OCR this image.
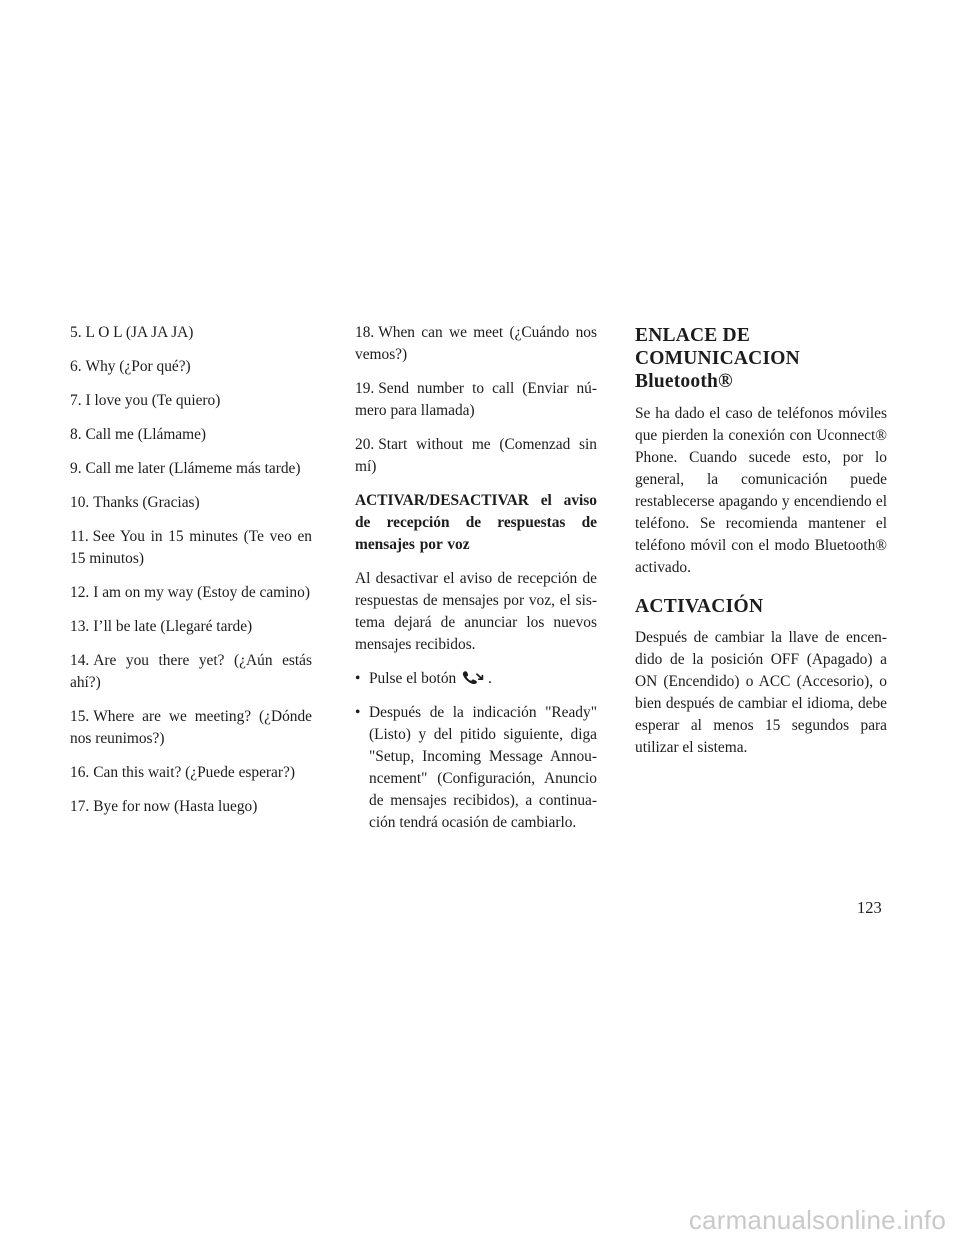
5. L O L (JA JA JA)

6. Why (¿Por qué?)

7. I love you (Te quiero)

8. Call me (Llámame)

9. Call me later (Llámeme más tarde)

10. Thanks (Gracias)

11. See You in 15 minutes (Te veo en 15 minutos)

12. I am on my way (Estoy de camino)

13. I’ll be late (Llegaré tarde)

14. Are you there yet? (¿Aún estás ahí?)

15. Where are we meeting? (¿Dónde nos reunimos?)

16. Can this wait? (¿Puede esperar?)

17. Bye for now (Hasta luego)

18. When can we meet (¿Cuándo nos vemos?)

19. Send number to call (Enviar número para llamada)

20. Start without me (Comenzad sin mí)

ACTIVAR/DESACTIVAR el aviso de recepción de respuestas de mensajes por voz

Al desactivar el aviso de recepción de respuestas de mensajes por voz, el sistema dejará de anunciar los nuevos mensajes recibidos.

• Pulse el botón .
• Después de la indicación "Ready" (Listo) y del pitido siguiente, diga "Setup, Incoming Message Announcement" (Configuración, Anuncio de mensajes recibidos), a continuación tendrá ocasión de cambiarlo.
ENLACE DE
COMUNICACION
Bluetooth®

Se ha dado el caso de teléfonos móviles que pierden la conexión con Uconnect® Phone. Cuando sucede esto, por lo general, la comunicación puede restablecerse apagando y encendiendo el teléfono. Se recomienda mantener el teléfono móvil con el modo Bluetooth® activado.

ACTIVACIÓN

Después de cambiar la llave de encendido de la posición OFF (Apagado) a ON (Encendido) o ACC (Accesorio), o bien después de cambiar el idioma, debe esperar al menos 15 segundos para utilizar el sistema.

123
carmanualsonline.info
